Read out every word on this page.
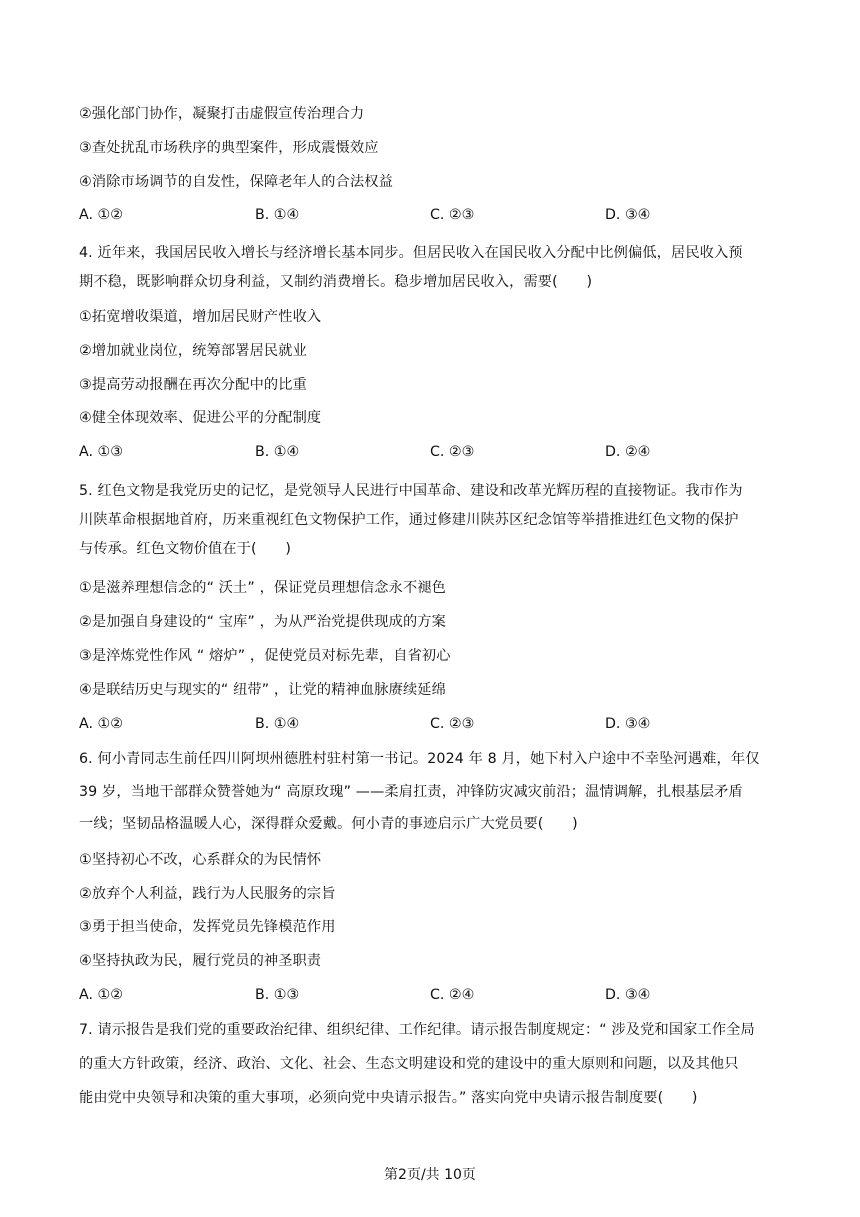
②强化部门协作，凝聚打击虚假宣传治理合力
③查处扰乱市场秩序的典型案件，形成震慑效应
④消除市场调节的自发性，保障老年人的合法权益
A. ①②	B. ①④	C. ②③	D. ③④
4. 近年来，我国居民收入增长与经济增长基本同步。但居民收入在国民收入分配中比例偏低，居民收入预
期不稳，既影响群众切身利益，又制约消费增长。稳步增加居民收入，需要(　　)
①拓宽增收渠道，增加居民财产性收入
②增加就业岗位，统筹部署居民就业
③提高劳动报酬在再次分配中的比重
④健全体现效率、促进公平的分配制度
A. ①③	B. ①④	C. ②③	D. ②④
5. 红色文物是我党历史的记忆，是党领导人民进行中国革命、建设和改革光辉历程的直接物证。我市作为
川陕革命根据地首府，历来重视红色文物保护工作，通过修建川陕苏区纪念馆等举措推进红色文物的保护
与传承。红色文物价值在于(　　)
①是滋养理想信念的“ 沃土” ，保证党员理想信念永不褪色
②是加强自身建设的“ 宝库” ，为从严治党提供现成的方案
③是淬炼党性作风 “ 熔炉” ，促使党员对标先辈，自省初心
④是联结历史与现实的“ 纽带” ，让党的精神血脉赓续延绵
A. ①②	B. ①④	C. ②③	D. ③④
6. 何小青同志生前任四川阿坝州德胜村驻村第一书记。2024 年 8 月，她下村入户途中不幸坠河遇难，年仅
39 岁，当地干部群众赞誉她为“ 高原玫瑰” ——柔肩扛责，冲锋防灾减灾前沿；温情调解，扎根基层矛盾
一线；坚韧品格温暖人心，深得群众爱戴。何小青的事迹启示广大党员要(　　)
①坚持初心不改，心系群众的为民情怀
②放弃个人利益，践行为人民服务的宗旨
③勇于担当使命，发挥党员先锋模范作用
④坚持执政为民，履行党员的神圣职责
A. ①②	B. ①③	C. ②④	D. ③④
7. 请示报告是我们党的重要政治纪律、组织纪律、工作纪律。请示报告制度规定：“ 涉及党和国家工作全局
的重大方针政策，经济、政治、文化、社会、生态文明建设和党的建设中的重大原则和问题，以及其他只
能由党中央领导和决策的重大事项，必须向党中央请示报告。” 落实向党中央请示报告制度要(　　)
第2页/共 10页
